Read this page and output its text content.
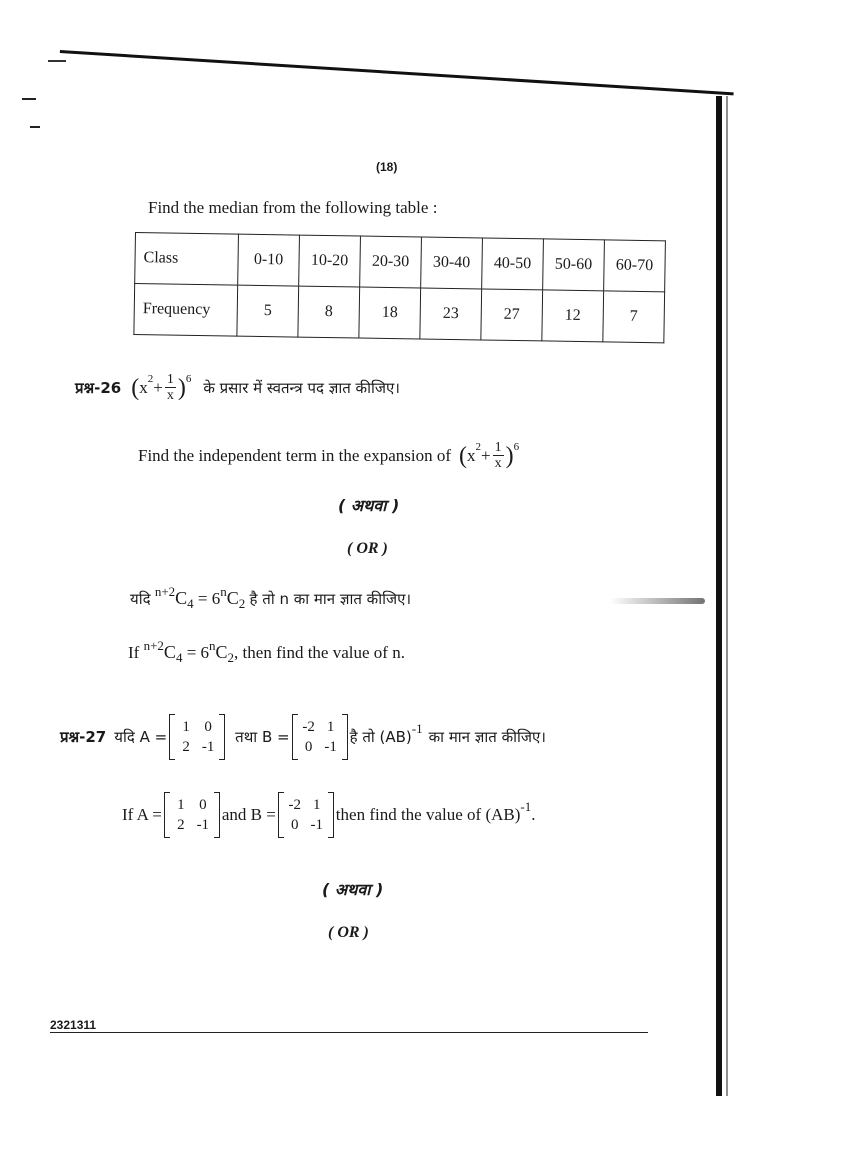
(18)
Find the median from the following table :
Class	0-10	10-20	20-30	30-40	40-50	50-60	60-70
Frequency	5	8	18	23	27	12	7
प्रश्न-26 ( x $2 + \frac{1}{x}$ ) 6 के प्रसार में स्वतन्त्र पद ज्ञात कीजिए।
Find the independent term in the expansion of ( x $2 + \frac{1}{x}$ ) 6
( अथवा )
( OR )
यदि $^{n+2}C_4 = 6^nC_2$ है तो n का मान ज्ञात कीजिए।
If $^{n+2}C_4 = 6^nC_2$, then find the value of n.
प्रश्न-27 यदि A =
1 0
2 -1
तथा B =
-2 1
0 -1
है तो (AB) -1 का मान ज्ञात कीजिए।
If A =	1 0
2 -1
and B = -2 1
0 -1
then find the value of (AB) -1 .
( अथवा )
( OR )
2321311
